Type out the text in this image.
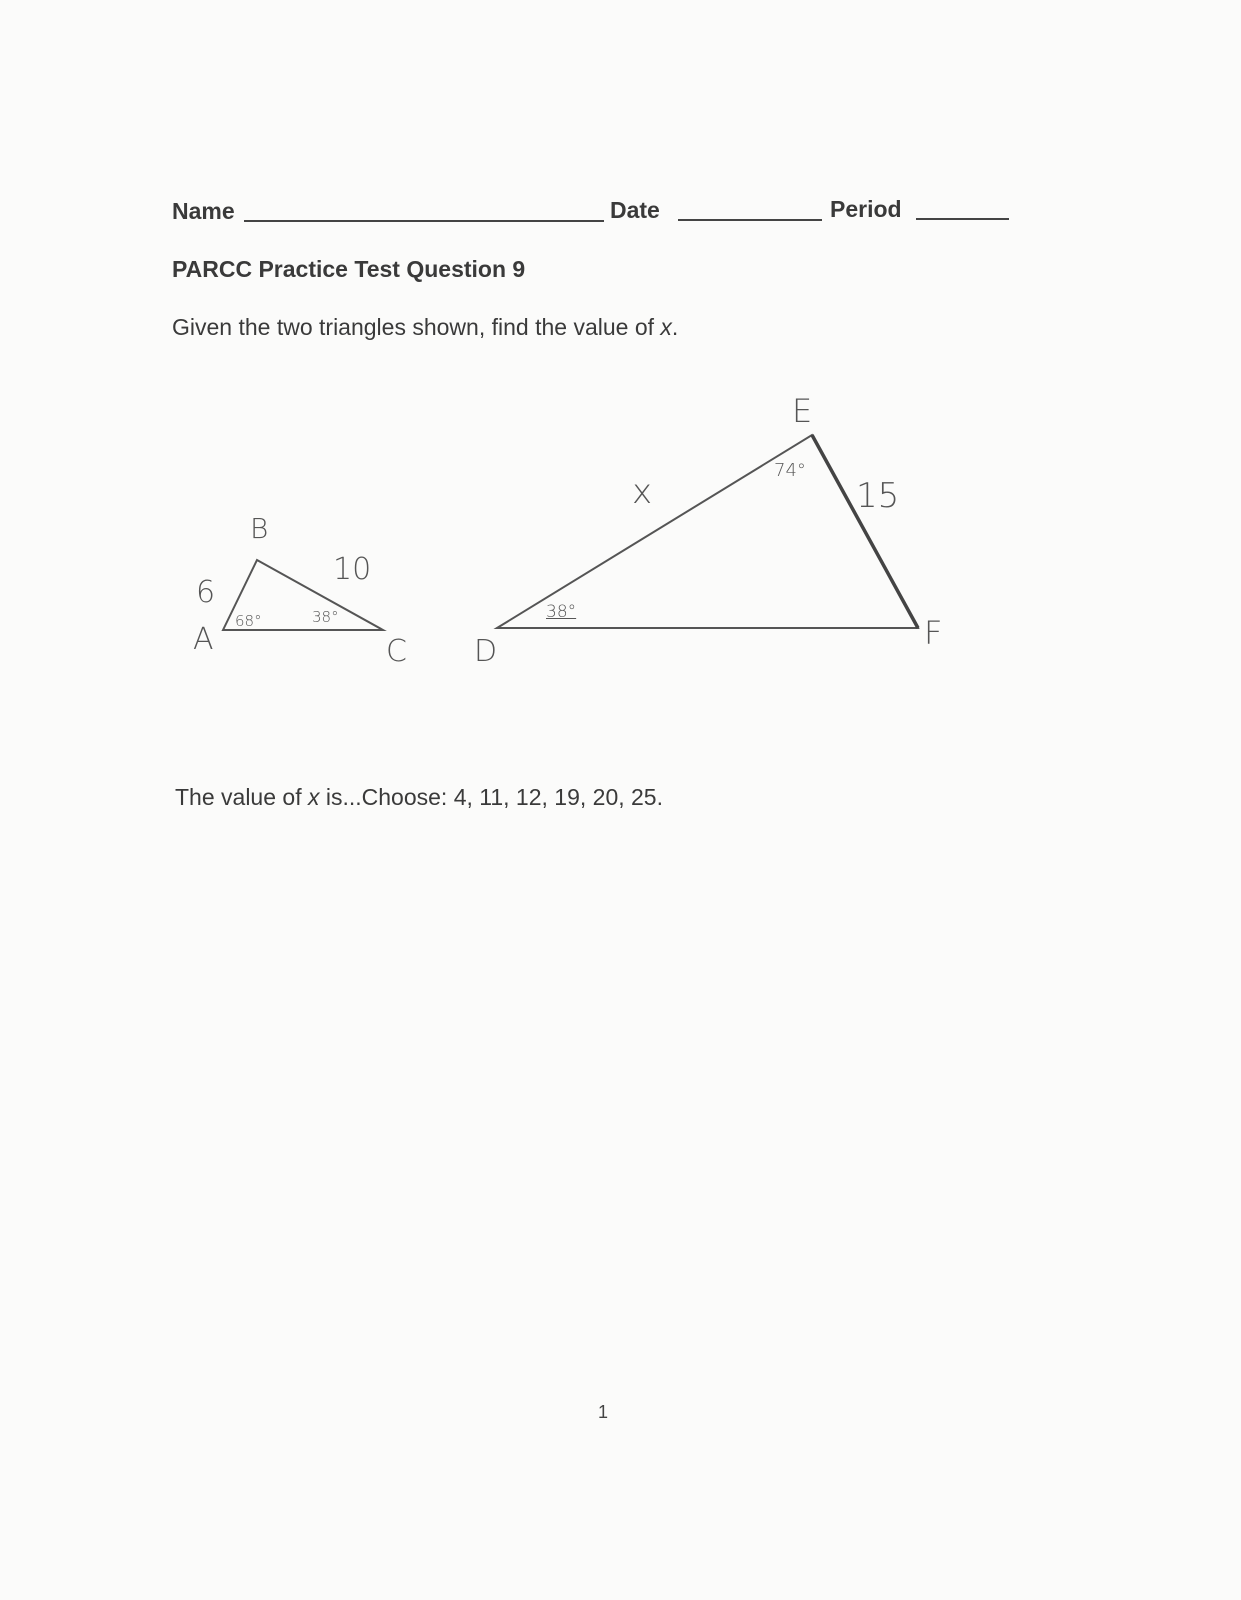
Name	Date	Period
PARCC Practice Test Question 9
Given the two triangles shown, find the value of x.
B
10
6
A	C
68°	38°
D
38°
x
E
74°
15
F
The value of x is...Choose: 4, 11, 12, 19, 20, 25.
1
